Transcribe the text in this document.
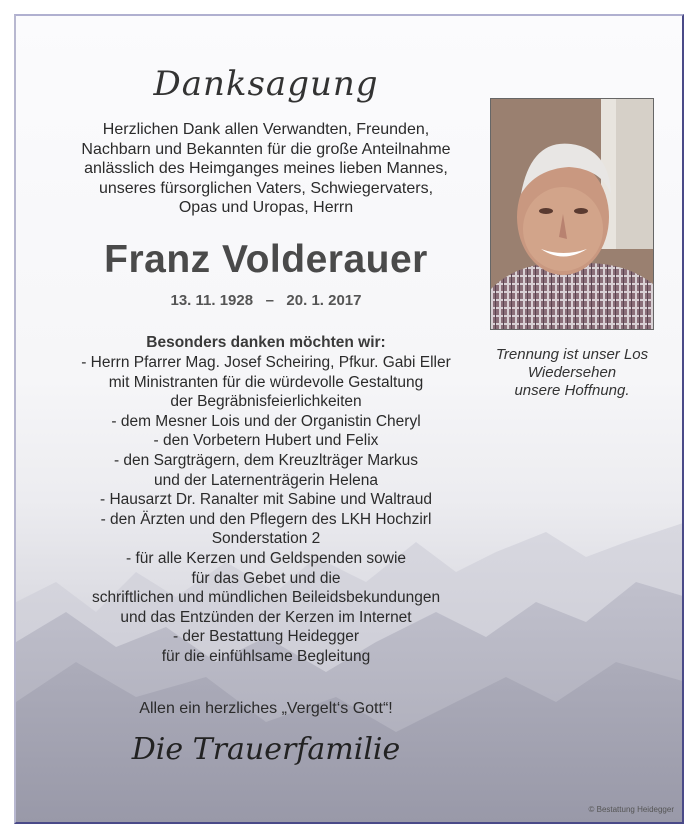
Danksagung
Herzlichen Dank allen Verwandten, Freunden,
Nachbarn und Bekannten für die große Anteilnahme
anlässlich des Heimganges meines lieben Mannes,
unseres fürsorglichen Vaters, Schwiegervaters,
Opas und Uropas, Herrn
Franz Volderauer
13. 11. 1928   –   20. 1. 2017
Besonders danken möchten wir:
- Herrn Pfarrer Mag. Josef Scheiring, Pfkur. Gabi Eller
mit Ministranten für die würdevolle Gestaltung
der Begräbnisfeierlichkeiten
- dem Mesner Lois und der Organistin Cheryl
- den Vorbetern Hubert und Felix
- den Sargträgern, dem Kreuzlträger Markus
und der Laternenträgerin Helena
- Hausarzt Dr. Ranalter mit Sabine und Waltraud
- den Ärzten und den Pflegern des LKH Hochzirl
Sonderstation 2
- für alle Kerzen und Geldspenden sowie
für das Gebet und die
schriftlichen und mündlichen Beileidsbekundungen
und das Entzünden der Kerzen im Internet
- der Bestattung Heidegger
für die einfühlsame Begleitung
Allen ein herzliches „Vergelt‘s Gott“!
Die Trauerfamilie
Trennung ist unser Los
Wiedersehen
unsere Hoffnung.
© Bestattung Heidegger
